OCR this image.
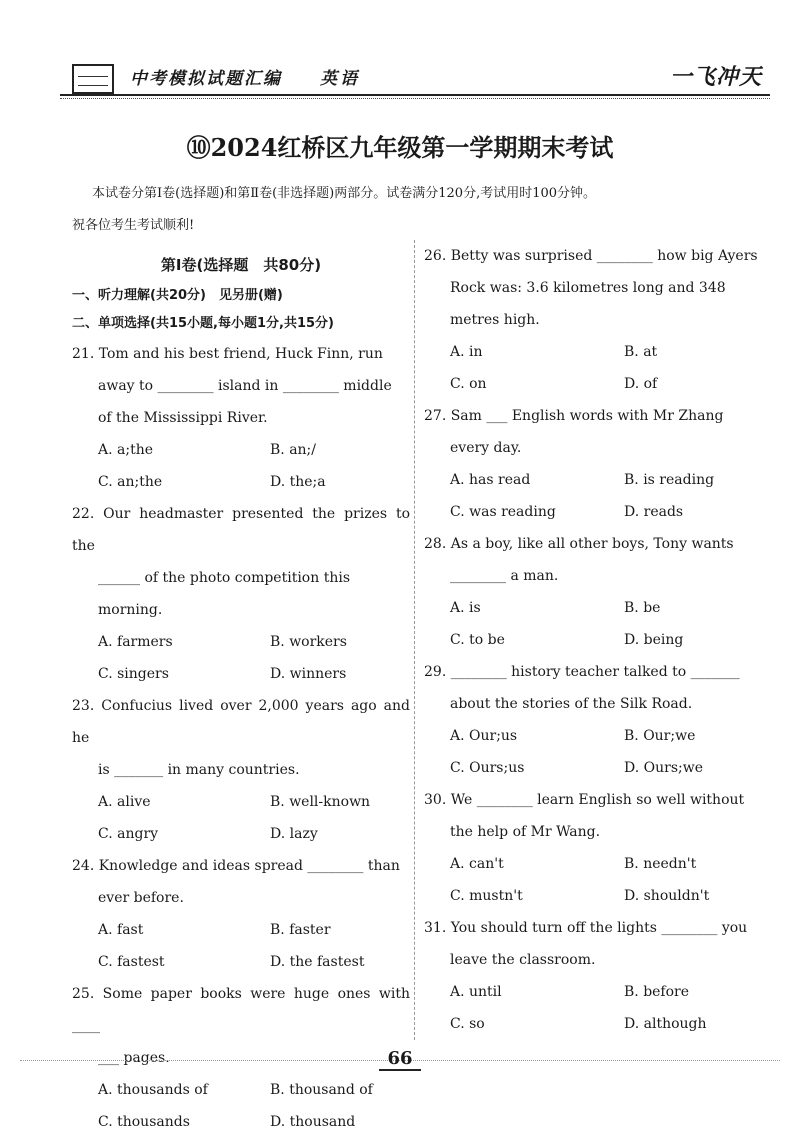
中考模拟试题汇编 英语	一飞冲天
⑩2024红桥区九年级第一学期期末考试
本试卷分第Ⅰ卷(选择题)和第Ⅱ卷(非选择题)两部分。试卷满分120分,考试用时100分钟。
祝各位考生考试顺利!
第Ⅰ卷(选择题　共80分)
一、听力理解(共20分)　见另册(赠)
二、单项选择(共15小题,每小题1分,共15分)
21. Tom and his best friend, Huck Finn, run
away to ________ island in ________ middle
of the Mississippi River.
A. a;the	B. an;/
C. an;the	D. the;a
22. Our headmaster presented the prizes to the
______ of the photo competition this
morning.
A. farmers	B. workers
C. singers	D. winners
23. Confucius lived over 2,000 years ago and he
is _______ in many countries.
A. alive	B. well-known
C. angry	D. lazy
24. Knowledge and ideas spread ________ than
ever before.
A. fast	B. faster
C. fastest	D. the fastest
25. Some paper books were huge ones with ____
___ pages.
A. thousands of	B. thousand of
C. thousands	D. thousand
26. Betty was surprised ________ how big Ayers
Rock was: 3.6 kilometres long and 348
metres high.
A. in	B. at
C. on	D. of
27. Sam ___ English words with Mr Zhang
every day.
A. has read	B. is reading
C. was reading	D. reads
28. As a boy, like all other boys, Tony wants
________ a man.
A. is	B. be
C. to be	D. being
29. ________ history teacher talked to _______
about the stories of the Silk Road.
A. Our;us	B. Our;we
C. Ours;us	D. Ours;we
30. We ________ learn English so well without
the help of Mr Wang.
A. can't	B. needn't
C. mustn't	D. shouldn't
31. You should turn off the lights ________ you
leave the classroom.
A. until	B. before
C. so	D. although
66
